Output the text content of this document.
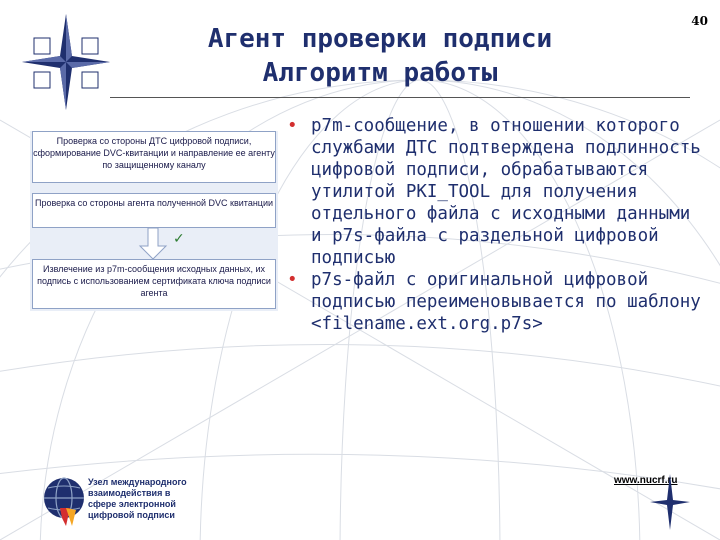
Агент проверки подписи
Алгоритм работы
40
Проверка со стороны ДТС цифровой подписи, сформирование DVC-квитанции и направление ее агенту по защищенному каналу
Проверка со стороны агента полученной DVC квитанции
✓
Извлечение из p7m-сообщения исходных данных, их подпись с использованием сертификата ключа подписи агента
• p7m-сообщение, в отношении которого службами ДТС подтверждена подлинность цифровой подписи, обрабатываются утилитой PKI_TOOL для получения отдельного файла с исходными данными и p7s-файла с раздельной цифровой подписью
• p7s-файл с оригинальной цифровой подписью переименовывается по шаблону <filename.ext.org.p7s>
Узел международного взаимодействия в сфере электронной цифровой подписи
www.nucrf.ru
